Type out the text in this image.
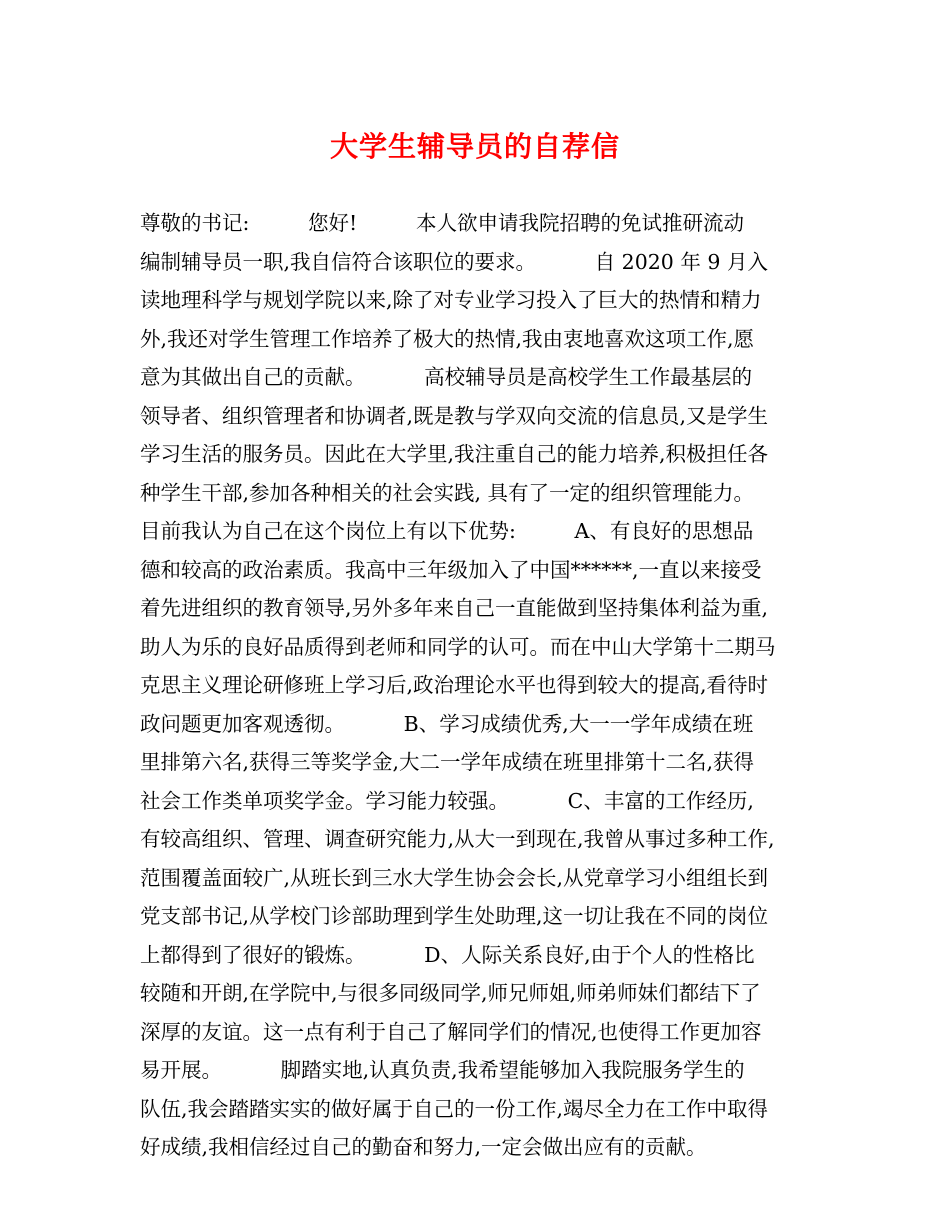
大学生辅导员的自荐信
尊敬的书记:         您好!         本人欲申请我院招聘的免试推研流动
编制辅导员一职,我自信符合该职位的要求。         自 2020 年 9 月入
读地理科学与规划学院以来,除了对专业学习投入了巨大的热情和精力
外,我还对学生管理工作培养了极大的热情,我由衷地喜欢这项工作,愿
意为其做出自己的贡献。         高校辅导员是高校学生工作最基层的
领导者、组织管理者和协调者,既是教与学双向交流的信息员,又是学生
学习生活的服务员。因此在大学里,我注重自己的能力培养,积极担任各
种学生干部,参加各种相关的社会实践, 具有了一定的组织管理能力。
目前我认为自己在这个岗位上有以下优势:         A、有良好的思想品
德和较高的政治素质。我高中三年级加入了中国******,一直以来接受
着先进组织的教育领导,另外多年来自己一直能做到坚持集体利益为重,
助人为乐的良好品质得到老师和同学的认可。而在中山大学第十二期马
克思主义理论研修班上学习后,政治理论水平也得到较大的提高,看待时
政问题更加客观透彻。         B、学习成绩优秀,大一一学年成绩在班
里排第六名,获得三等奖学金,大二一学年成绩在班里排第十二名,获得
社会工作类单项奖学金。学习能力较强。         C、丰富的工作经历,
有较高组织、管理、调查研究能力,从大一到现在,我曾从事过多种工作,
范围覆盖面较广,从班长到三水大学生协会会长,从党章学习小组组长到
党支部书记,从学校门诊部助理到学生处助理,这一切让我在不同的岗位
上都得到了很好的锻炼。         D、人际关系良好,由于个人的性格比
较随和开朗,在学院中,与很多同级同学,师兄师姐,师弟师妹们都结下了
深厚的友谊。这一点有利于自己了解同学们的情况,也使得工作更加容
易开展。         脚踏实地,认真负责,我希望能够加入我院服务学生的
队伍,我会踏踏实实的做好属于自己的一份工作,竭尽全力在工作中取得
好成绩,我相信经过自己的勤奋和努力,一定会做出应有的贡献。
